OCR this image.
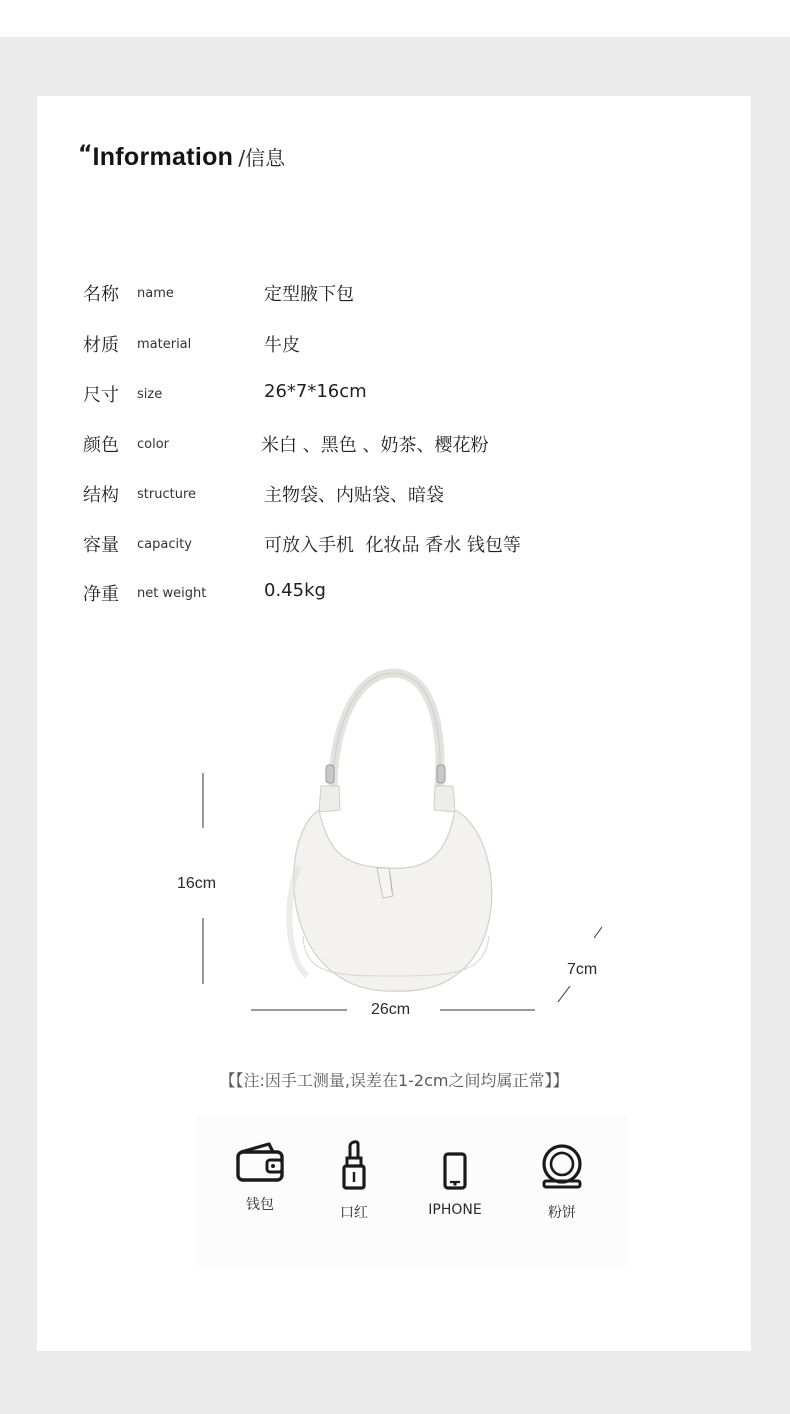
“Information /信息
名称 name	定型腋下包
材质 material	牛皮
尺寸 size	26*7*16cm
颜色 color	米白 、黑色 、奶茶、樱花粉
结构 structure	主物袋、内贴袋、暗袋
容量 capacity	可放入手机  化妆品 香水 钱包等
净重 net weight	0.45kg
16cm
26cm
7cm
【【注:因手工测量,误差在1-2cm之间均属正常】】
钱包	口红	IPHONE	粉饼
